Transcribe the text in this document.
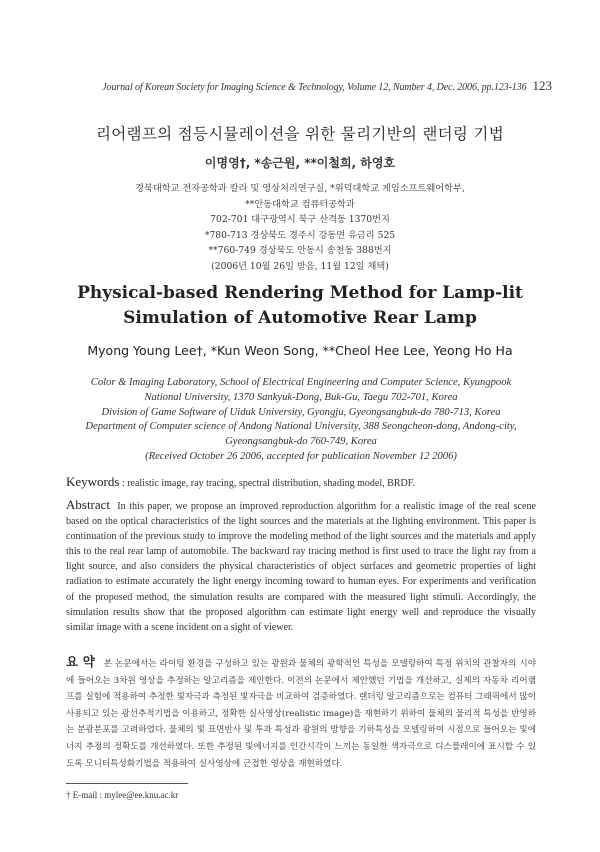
Journal of Korean Society for Imaging Science & Technology, Volume 12, Number 4, Dec. 2006, pp.123-136 123
리어램프의 점등시뮬레이션을 위한 물리기반의 랜더링 기법
이명영†, *송근원, **이철희, 하영호
경북대학교 전자공학과 칼라 및 영상처리연구실, *위덕대학교 게임소프트웨어학부,
**안동대학교 컴퓨터공학과
702-701 대구광역시 북구 산격동 1370번지
*780-713 경상북도 경주시 강동면 유금리 525
**760-749 경상북도 안동시 송천동 388번지
(2006년 10월 26일 받음, 11월 12일 채택)
Physical-based Rendering Method for Lamp-lit
Simulation of Automotive Rear Lamp
Myong Young Lee†, *Kun Weon Song, **Cheol Hee Lee, Yeong Ho Ha
Color & Imaging Laboratory, School of Electrical Engineering and Computer Science, Kyungpook
National University, 1370 Sankyuk-Dong, Buk-Gu, Taegu 702-701, Korea
Division of Game Software of Uiduk University, Gyongju, Gyeongsangbuk-do 780-713, Korea
Department of Computer science of Andong National University, 388 Seongcheon-dong, Andong-city,
Gyeongsangbuk-do 760-749, Korea
(Received October 26 2006, accepted for publication November 12 2006)
Keywords : realistic image, ray tracing, spectral distribution, shading model, BRDF.
Abstract In this paper, we propose an improved reproduction algorithm for a realistic image of the real scene based on the optical characteristics of the light sources and the materials at the lighting environment. This paper is continuation of the previous study to improve the modeling method of the light sources and the materials and apply this to the real rear lamp of automobile. The backward ray tracing method is first used to trace the light ray from a light source, and also considers the physical characteristics of object surfaces and geometric properties of light radiation to estimate accurately the light energy incoming toward to human eyes. For experiments and verification of the proposed method, the simulation results are compared with the measured light stimuli. Accordingly, the simulation results show that the proposed algorithm can estimate light energy well and reproduce the visually similar image with a scene incident on a sight of viewer.
요 약 본 논문에서는 라이팅 환경을 구성하고 있는 광원과 물체의 광학적인 특성을 모델링하여 특정 위치의 관찰자의 시야에 들어오는 3차원 영상을 추정하는 알고리즘을 제안한다. 이전의 논문에서 제안했던 기법을 개선하고, 실제의 자동차 리어램프를 실험에 적용하여 추정한 빛자극과 측정된 빛자극을 비교하여 검증하였다. 랜더링 알고리즘으로는 컴퓨터 그래픽에서 많이 사용되고 있는 광선추적기법을 이용하고, 정확한 실사영상(realistic image)을 재현하기 위하여 물체의 물리적 특성을 반영하는 분광분포를 고려하였다. 물체의 빛 표면반사 및 투과 특성과 광원의 방향을 기하특성을 모델링하여 시점으로 들어오는 빛에너지 추정의 정확도를 개선하였다. 또한 추정된 빛에너지를 인간시각이 느끼는 동일한 색자극으로 디스플레이에 표시할 수 있도록 모니터특성화기법을 적용하여 실사영상에 근접한 영상을 재현하였다.
† E-mail : mylee@ee.knu.ac.kr
